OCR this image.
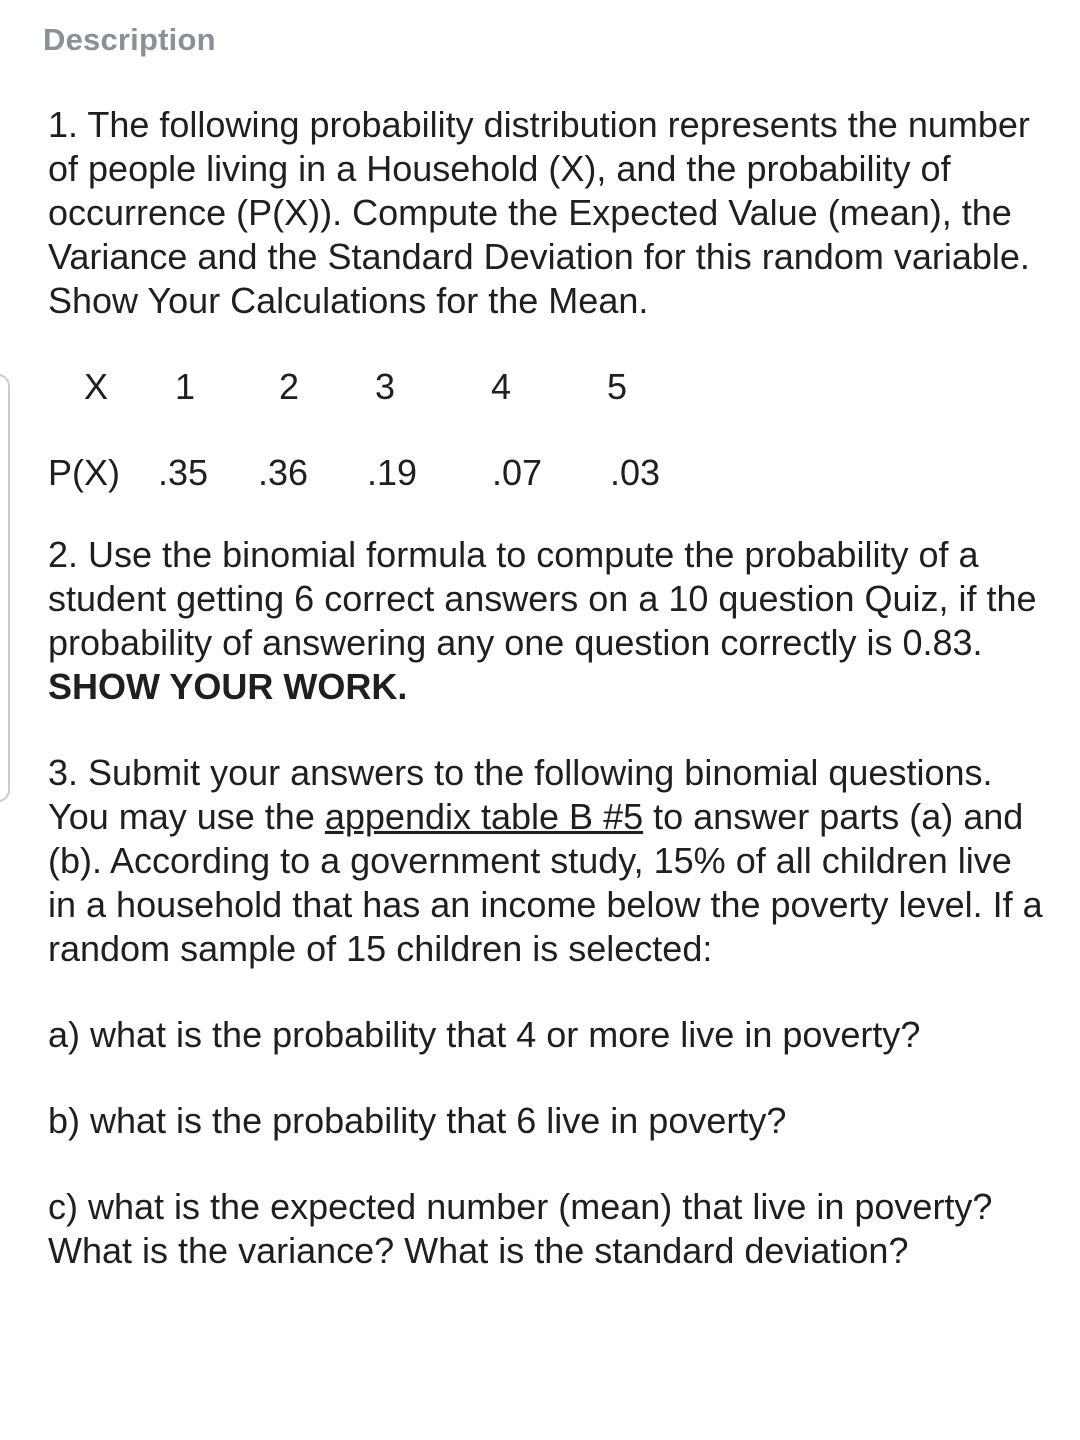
Description

1. The following probability distribution represents the number of people living in a Household (X), and the probability of occurrence (P(X)). Compute the Expected Value (mean), the Variance and the Standard Deviation for this random variable. Show Your Calculations for the Mean.

X 1 2 3	4	5
P(X) .35 .36 .19 .07 .03

2. Use the binomial formula to compute the probability of a student getting 6 correct answers on a 10 question Quiz, if the probability of answering any one question correctly is 0.83. SHOW YOUR WORK.

3. Submit your answers to the following binomial questions. You may use the appendix table B #5 to answer parts (a) and (b). According to a government study, 15% of all children live in a household that has an income below the poverty level. If a random sample of 15 children is selected:

a) what is the probability that 4 or more live in poverty?

b) what is the probability that 6 live in poverty?

c) what is the expected number (mean) that live in poverty? What is the variance? What is the standard deviation?
